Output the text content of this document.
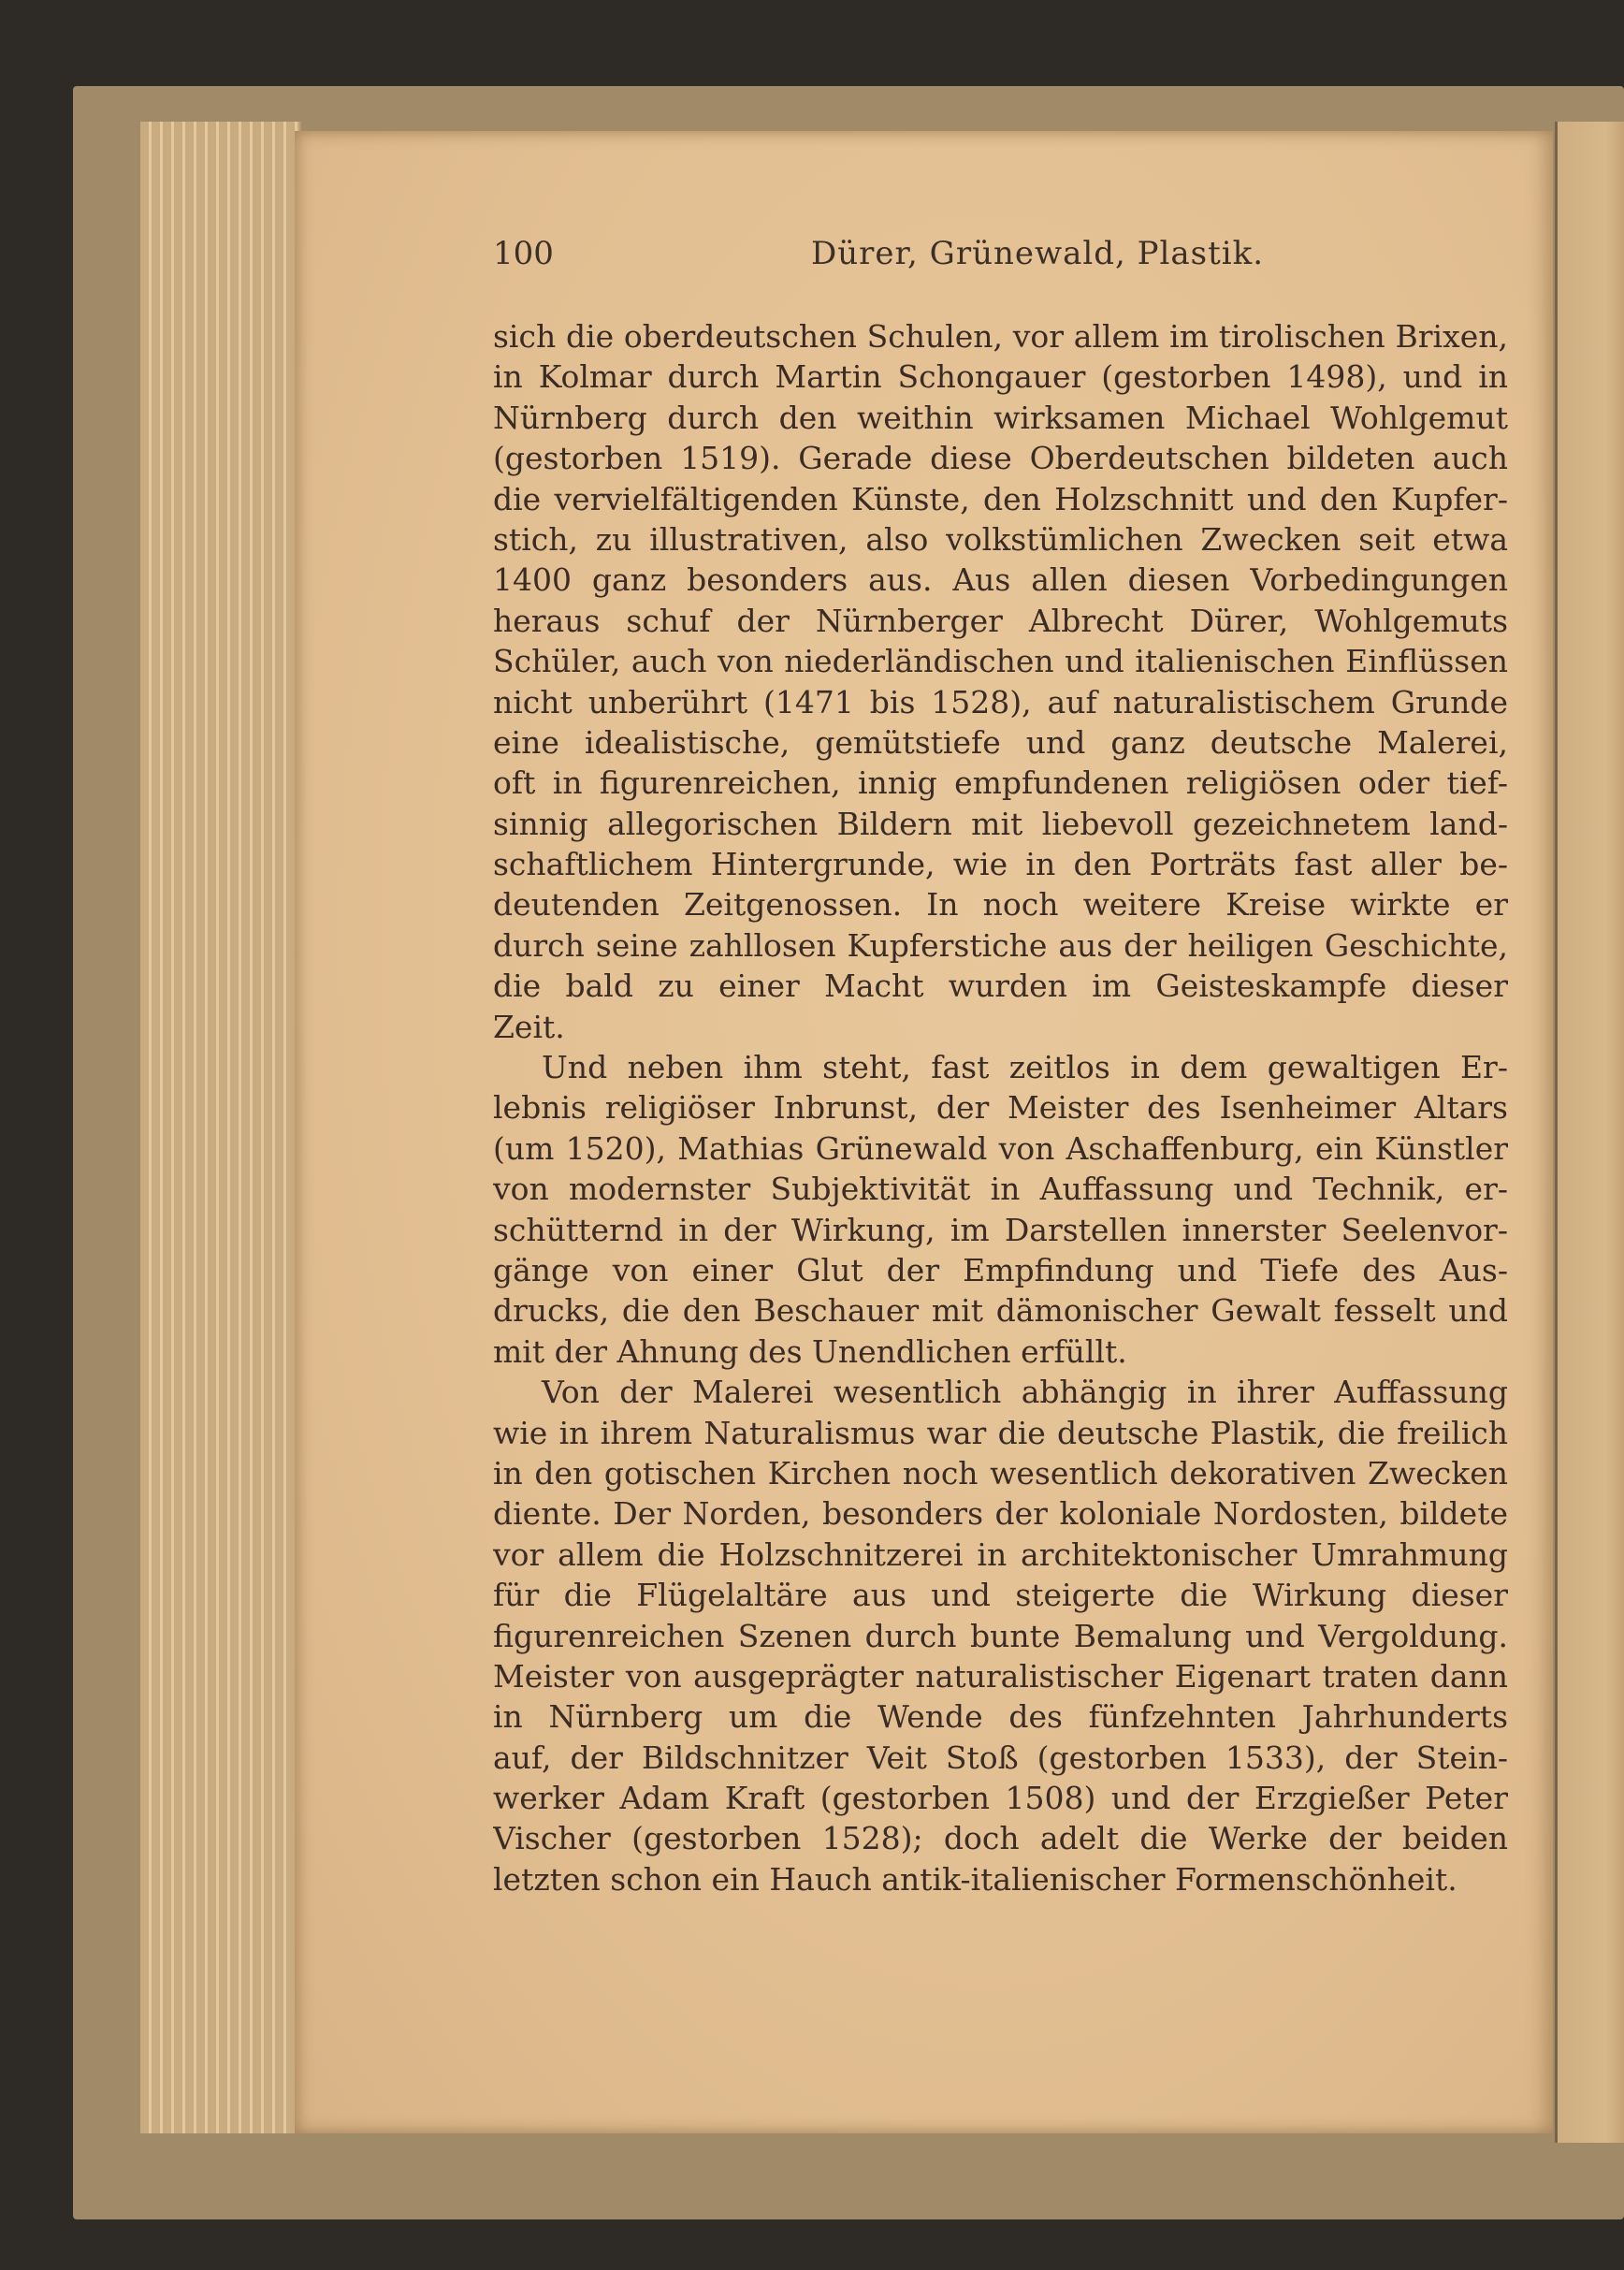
100	Dürer, Grünewald, Plastik.
sich die oberdeutschen Schulen, vor allem im tirolischen Brixen,
in Kolmar durch Martin Schongauer (gestorben 1498), und in
Nürnberg durch den weithin wirksamen Michael Wohlgemut
(gestorben 1519). Gerade diese Oberdeutschen bildeten auch
die vervielfältigenden Künste, den Holzschnitt und den Kupfer-
stich, zu illustrativen, also volkstümlichen Zwecken seit etwa
1400 ganz besonders aus. Aus allen diesen Vorbedingungen
heraus schuf der Nürnberger Albrecht Dürer, Wohlgemuts
Schüler, auch von niederländischen und italienischen Einflüssen
nicht unberührt (1471 bis 1528), auf naturalistischem Grunde
eine idealistische, gemütstiefe und ganz deutsche Malerei,
oft in figurenreichen, innig empfundenen religiösen oder tief-
sinnig allegorischen Bildern mit liebevoll gezeichnetem land-
schaftlichem Hintergrunde, wie in den Porträts fast aller be-
deutenden Zeitgenossen. In noch weitere Kreise wirkte er
durch seine zahllosen Kupferstiche aus der heiligen Geschichte,
die bald zu einer Macht wurden im Geisteskampfe dieser
Zeit.
Und neben ihm steht, fast zeitlos in dem gewaltigen Er-
lebnis religiöser Inbrunst, der Meister des Isenheimer Altars
(um 1520), Mathias Grünewald von Aschaffenburg, ein Künstler
von modernster Subjektivität in Auffassung und Technik, er-
schütternd in der Wirkung, im Darstellen innerster Seelenvor-
gänge von einer Glut der Empfindung und Tiefe des Aus-
drucks, die den Beschauer mit dämonischer Gewalt fesselt und
mit der Ahnung des Unendlichen erfüllt.
Von der Malerei wesentlich abhängig in ihrer Auffassung
wie in ihrem Naturalismus war die deutsche Plastik, die freilich
in den gotischen Kirchen noch wesentlich dekorativen Zwecken
diente. Der Norden, besonders der koloniale Nordosten, bildete
vor allem die Holzschnitzerei in architektonischer Umrahmung
für die Flügelaltäre aus und steigerte die Wirkung dieser
figurenreichen Szenen durch bunte Bemalung und Vergoldung.
Meister von ausgeprägter naturalistischer Eigenart traten dann
in Nürnberg um die Wende des fünfzehnten Jahrhunderts
auf, der Bildschnitzer Veit Stoß (gestorben 1533), der Stein-
werker Adam Kraft (gestorben 1508) und der Erzgießer Peter
Vischer (gestorben 1528); doch adelt die Werke der beiden
letzten schon ein Hauch antik-italienischer Formenschönheit.
